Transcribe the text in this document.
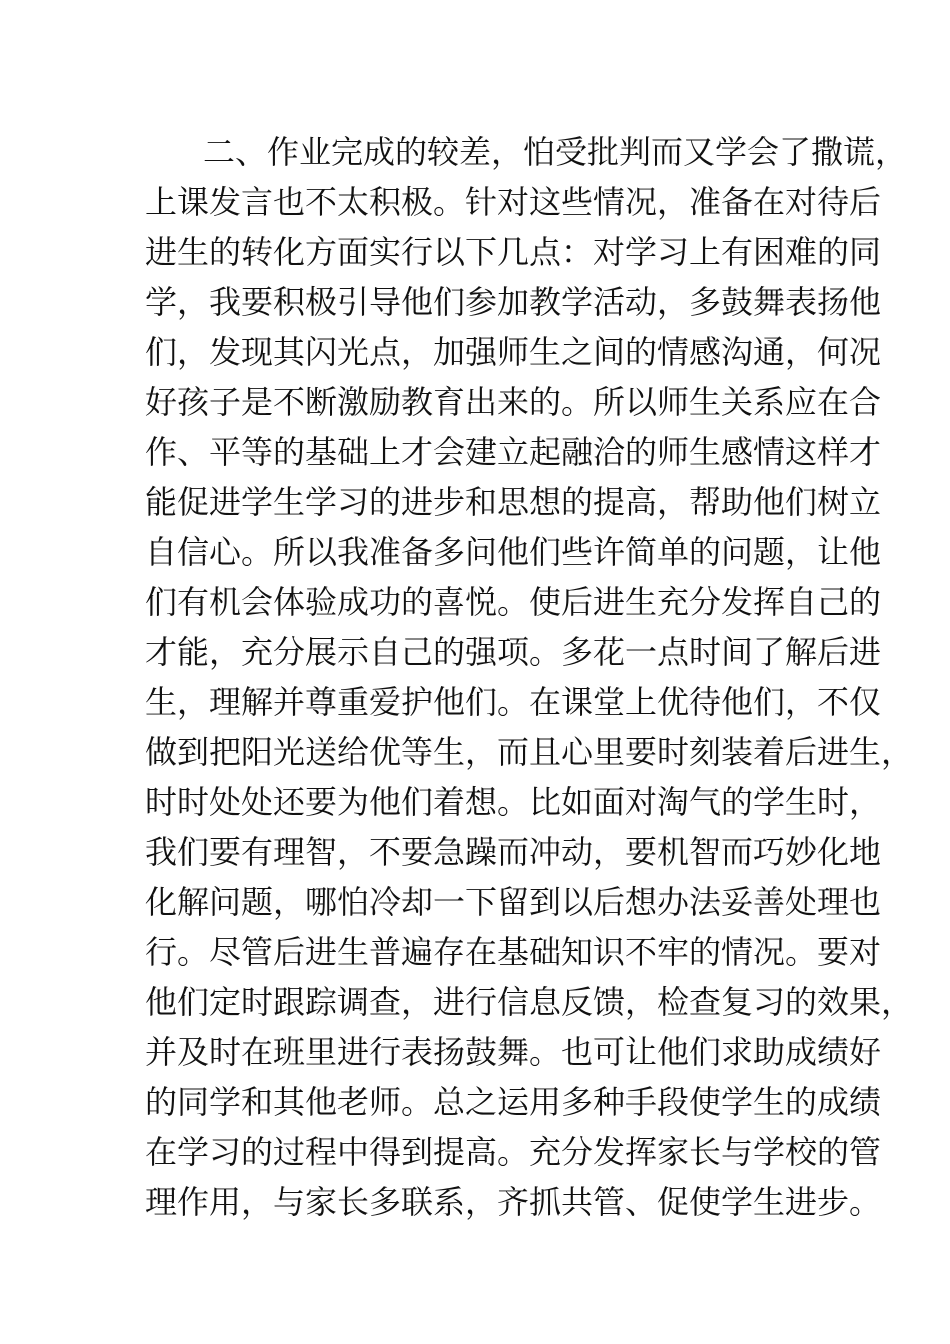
二、作业完成的较差，怕受批判而又学会了撒谎，
上课发言也不太积极。针对这些情况，准备在对待后
进生的转化方面实行以下几点：对学习上有困难的同
学，我要积极引导他们参加教学活动，多鼓舞表扬他
们，发现其闪光点，加强师生之间的情感沟通，何况
好孩子是不断激励教育出来的。所以师生关系应在合
作、平等的基础上才会建立起融洽的师生感情这样才
能促进学生学习的进步和思想的提高，帮助他们树立
自信心。所以我准备多问他们些许简单的问题，让他
们有机会体验成功的喜悦。使后进生充分发挥自己的
才能，充分展示自己的强项。多花一点时间了解后进
生，理解并尊重爱护他们。在课堂上优待他们，不仅
做到把阳光送给优等生，而且心里要时刻装着后进生，
时时处处还要为他们着想。比如面对淘气的学生时，
我们要有理智，不要急躁而冲动，要机智而巧妙化地
化解问题，哪怕冷却一下留到以后想办法妥善处理也
行。尽管后进生普遍存在基础知识不牢的情况。要对
他们定时跟踪调查，进行信息反馈，检查复习的效果，
并及时在班里进行表扬鼓舞。也可让他们求助成绩好
的同学和其他老师。总之运用多种手段使学生的成绩
在学习的过程中得到提高。充分发挥家长与学校的管
理作用，与家长多联系，齐抓共管、促使学生进步。
